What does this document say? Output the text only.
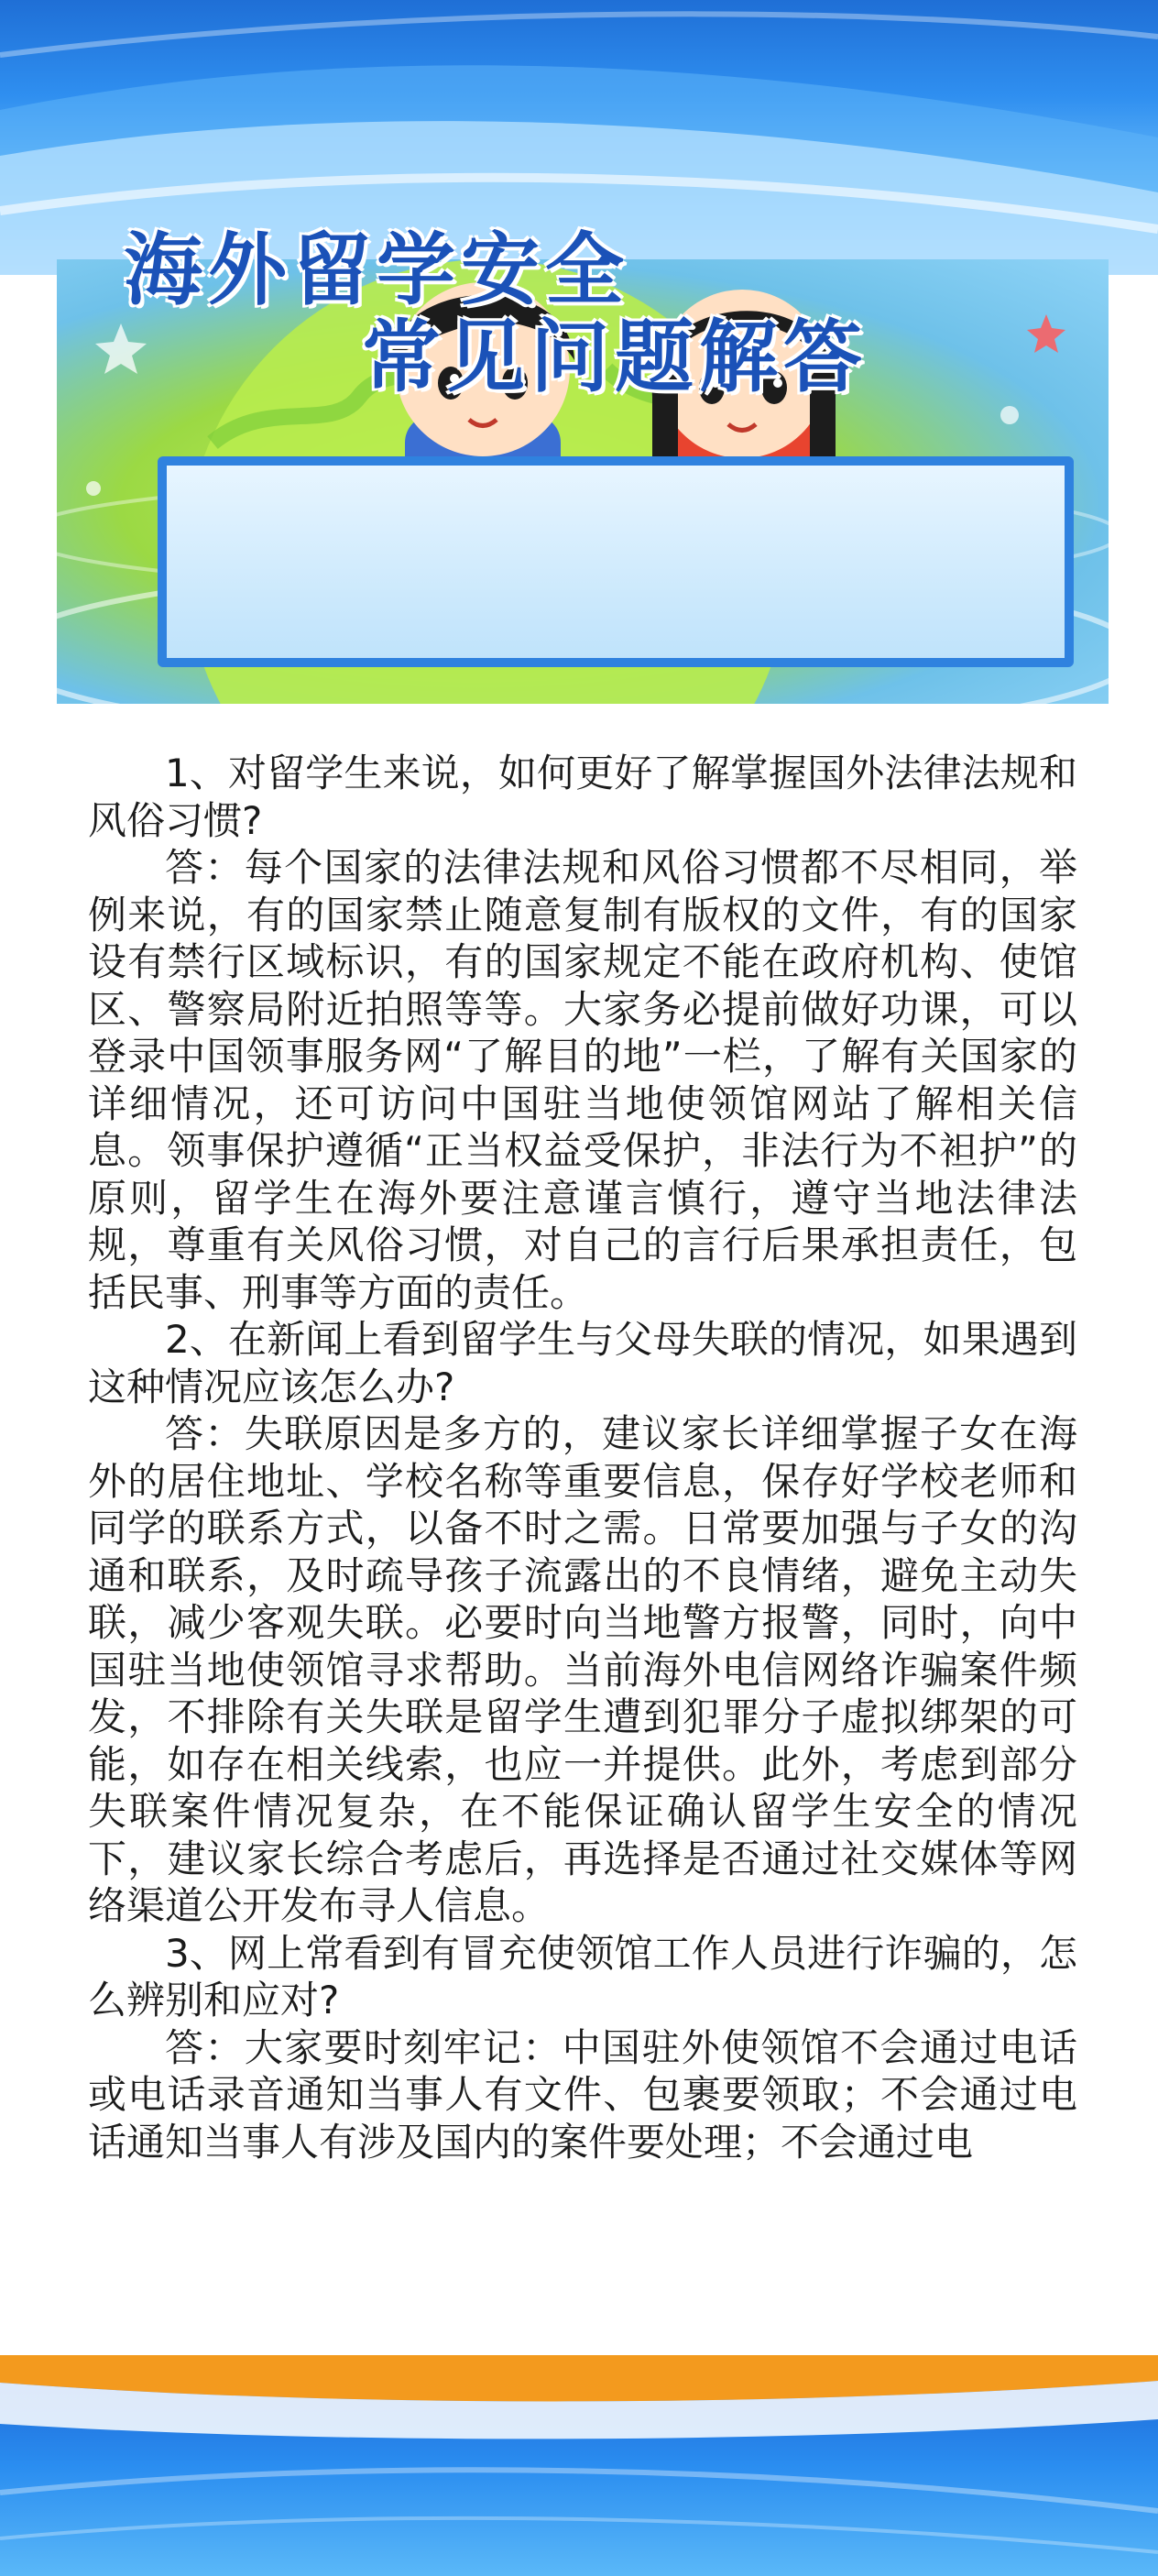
海外留学安全
常见问题解答

1、对留学生来说，如何更好了解掌握国外法律法规和风俗习惯?

答：每个国家的法律法规和风俗习惯都不尽相同，举例来说，有的国家禁止随意复制有版权的文件，有的国家设有禁行区域标识，有的国家规定不能在政府机构、使馆区、警察局附近拍照等等。大家务必提前做好功课，可以登录中国领事服务网“了解目的地”一栏，了解有关国家的详细情况，还可访问中国驻当地使领馆网站了解相关信息。领事保护遵循“正当权益受保护，非法行为不袒护”的原则，留学生在海外要注意谨言慎行，遵守当地法律法规，尊重有关风俗习惯，对自己的言行后果承担责任，包括民事、刑事等方面的责任。

2、在新闻上看到留学生与父母失联的情况，如果遇到这种情况应该怎么办?

答：失联原因是多方的，建议家长详细掌握子女在海外的居住地址、学校名称等重要信息，保存好学校老师和同学的联系方式，以备不时之需。日常要加强与子女的沟通和联系，及时疏导孩子流露出的不良情绪，避免主动失联，减少客观失联。必要时向当地警方报警，同时，向中国驻当地使领馆寻求帮助。当前海外电信网络诈骗案件频发，不排除有关失联是留学生遭到犯罪分子虚拟绑架的可能，如存在相关线索，也应一并提供。此外，考虑到部分失联案件情况复杂，在不能保证确认留学生安全的情况下，建议家长综合考虑后，再选择是否通过社交媒体等网络渠道公开发布寻人信息。

3、网上常看到有冒充使领馆工作人员进行诈骗的，怎么辨别和应对?

答：大家要时刻牢记：中国驻外使领馆不会通过电话或电话录音通知当事人有文件、包裹要领取；不会通过电话通知当事人有涉及国内的案件要处理；不会通过电
